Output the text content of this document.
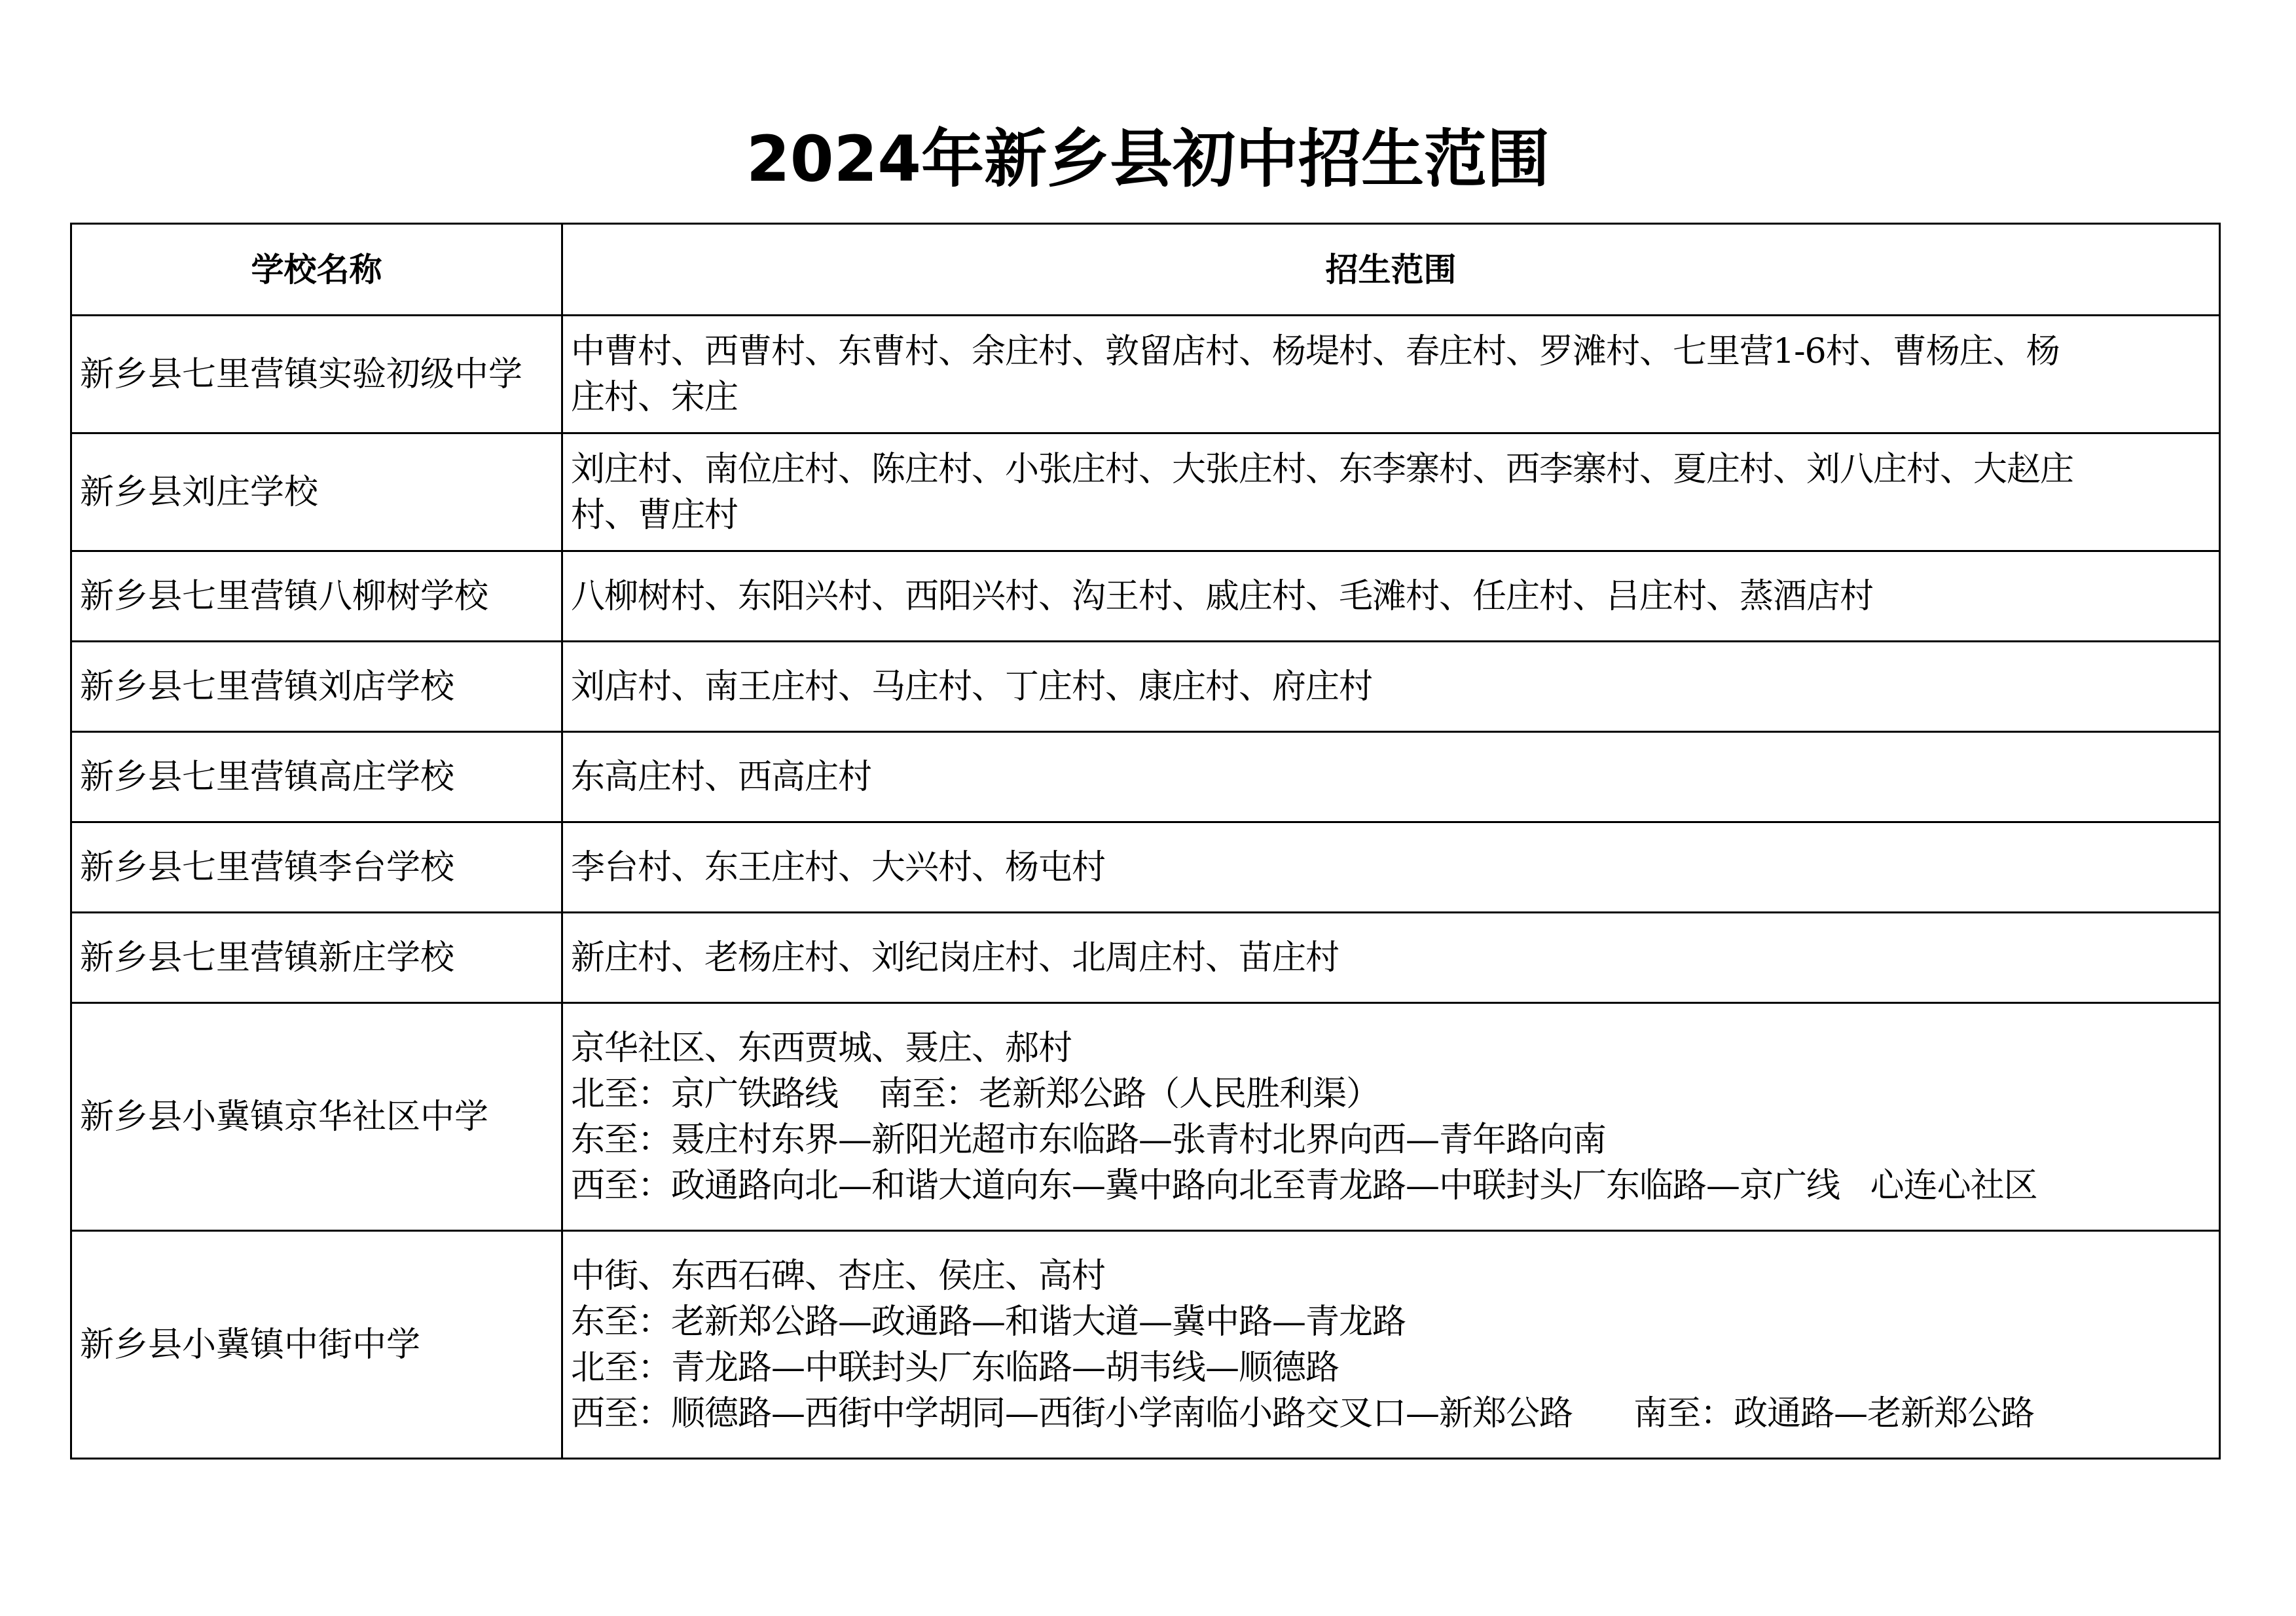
2024年新乡县初中招生范围
学校名称	招生范围
新乡县七里营镇实验初级中学	中曹村、西曹村、东曹村、余庄村、敦留店村、杨堤村、春庄村、罗滩村、七里营1-6村、曹杨庄、杨
庄村、宋庄

新乡县刘庄学校	刘庄村、南位庄村、陈庄村、小张庄村、大张庄村、东李寨村、西李寨村、夏庄村、刘八庄村、大赵庄
村、曹庄村

新乡县七里营镇八柳树学校	八柳树村、东阳兴村、西阳兴村、沟王村、戚庄村、毛滩村、任庄村、吕庄村、蒸酒店村

新乡县七里营镇刘店学校	刘店村、南王庄村、马庄村、丁庄村、康庄村、府庄村

新乡县七里营镇高庄学校	东高庄村、西高庄村

新乡县七里营镇李台学校	李台村、东王庄村、大兴村、杨屯村

新乡县七里营镇新庄学校	新庄村、老杨庄村、刘纪岗庄村、北周庄村、苗庄村

新乡县小冀镇京华社区中学	京华社区、东西贾城、聂庄、郝村
北至：京广铁路线    南至：老新郑公路（人民胜利渠）
东至：聂庄村东界—新阳光超市东临路—张青村北界向西—青年路向南
西至：政通路向北—和谐大道向东—冀中路向北至青龙路—中联封头厂东临路—京广线   心连心社区

新乡县小冀镇中街中学	中街、东西石碑、杏庄、侯庄、高村
东至：老新郑公路—政通路—和谐大道—冀中路—青龙路
北至：青龙路—中联封头厂东临路—胡韦线—顺德路
西至：顺德路—西街中学胡同—西街小学南临小路交叉口—新郑公路      南至：政通路—老新郑公路
